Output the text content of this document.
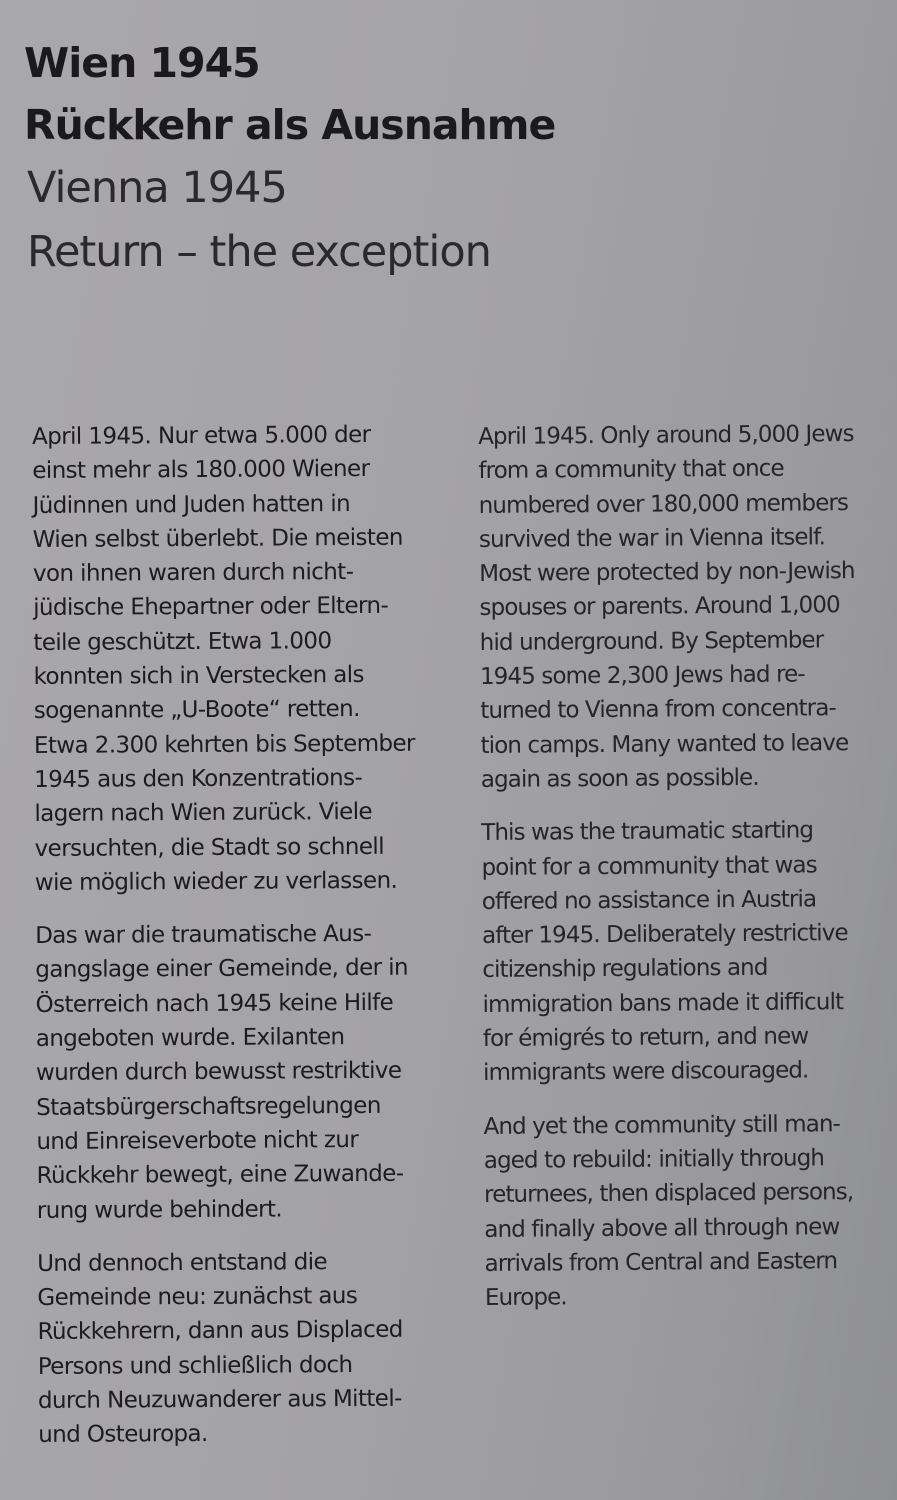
Wien 1945
Rückkehr als Ausnahme
Vienna 1945
Return – the exception

April 1945. Nur etwa 5.000 der
einst mehr als 180.000 Wiener
Jüdinnen und Juden hatten in
Wien selbst überlebt. Die meisten
von ihnen waren durch nicht-
jüdische Ehepartner oder Eltern-
teile geschützt. Etwa 1.000
konnten sich in Verstecken als
sogenannte „U-Boote“ retten.
Etwa 2.300 kehrten bis September
1945 aus den Konzentrations-
lagern nach Wien zurück. Viele
versuchten, die Stadt so schnell
wie möglich wieder zu verlassen.

Das war die traumatische Aus-
gangslage einer Gemeinde, der in
Österreich nach 1945 keine Hilfe
angeboten wurde. Exilanten
wurden durch bewusst restriktive
Staatsbürgerschaftsregelungen
und Einreiseverbote nicht zur
Rückkehr bewegt, eine Zuwande-
rung wurde behindert.

Und dennoch entstand die
Gemeinde neu: zunächst aus
Rückkehrern, dann aus Displaced
Persons und schließlich doch
durch Neuzuwanderer aus Mittel-
und Osteuropa.

April 1945. Only around 5,000 Jews
from a community that once
numbered over 180,000 members
survived the war in Vienna itself.
Most were protected by non-Jewish
spouses or parents. Around 1,000
hid underground. By September
1945 some 2,300 Jews had re-
turned to Vienna from concentra-
tion camps. Many wanted to leave
again as soon as possible.

This was the traumatic starting
point for a community that was
offered no assistance in Austria
after 1945. Deliberately restrictive
citizenship regulations and
immigration bans made it difficult
for émigrés to return, and new
immigrants were discouraged.

And yet the community still man-
aged to rebuild: initially through
returnees, then displaced persons,
and finally above all through new
arrivals from Central and Eastern
Europe.
